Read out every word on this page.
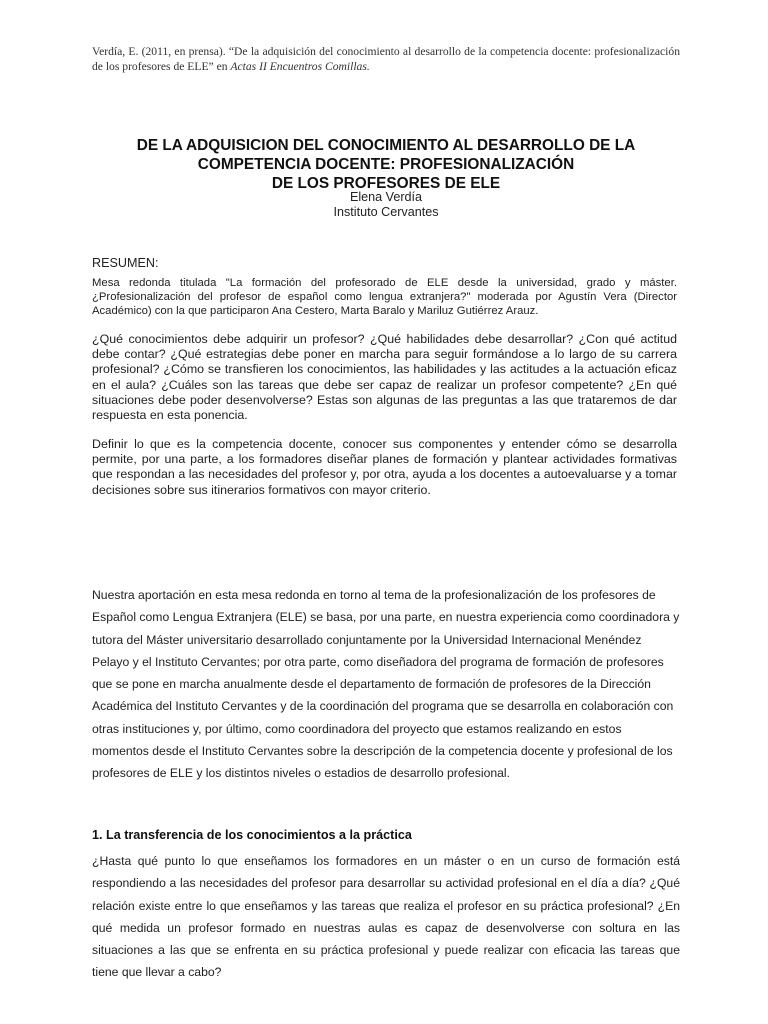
Verdía, E. (2011, en prensa). “De la adquisición del conocimiento al desarrollo de la competencia docente: profesionalización de los profesores de ELE” en Actas II Encuentros Comillas.
DE LA ADQUISICION DEL CONOCIMIENTO AL DESARROLLO DE LA
COMPETENCIA DOCENTE: PROFESIONALIZACIÓN
DE LOS PROFESORES DE ELE
Elena Verdía
Instituto Cervantes
RESUMEN:
Mesa redonda titulada "La formación del profesorado de ELE desde la universidad, grado y máster. ¿Profesionalización del profesor de español como lengua extranjera?" moderada por Agustín Vera (Director Académico) con la que participaron Ana Cestero, Marta Baralo y Mariluz Gutiérrez Arauz.
¿Qué conocimientos debe adquirir un profesor? ¿Qué habilidades debe desarrollar? ¿Con qué actitud debe contar? ¿Qué estrategias debe poner en marcha para seguir formándose a lo largo de su carrera profesional? ¿Cómo se transfieren los conocimientos, las habilidades y las actitudes a la actuación eficaz en el aula? ¿Cuáles son las tareas que debe ser capaz de realizar un profesor competente? ¿En qué situaciones debe poder desenvolverse? Estas son algunas de las preguntas a las que trataremos de dar respuesta en esta ponencia.
Definir lo que es la competencia docente, conocer sus componentes y entender cómo se desarrolla permite, por una parte, a los formadores diseñar planes de formación y plantear actividades formativas que respondan a las necesidades del profesor y, por otra, ayuda a los docentes a autoevaluarse y a tomar decisiones sobre sus itinerarios formativos con mayor criterio.
Nuestra aportación en esta mesa redonda en torno al tema de la profesionalización de los profesores de Español como Lengua Extranjera (ELE) se basa, por una parte, en nuestra experiencia como coordinadora y tutora del Máster universitario desarrollado conjuntamente por la Universidad Internacional Menéndez Pelayo y el Instituto Cervantes; por otra parte, como diseñadora del programa de formación de profesores que se pone en marcha anualmente desde el departamento de formación de profesores de la Dirección Académica del Instituto Cervantes y de la coordinación del programa que se desarrolla en colaboración con otras instituciones y, por último, como coordinadora del proyecto que estamos realizando en estos momentos desde el Instituto Cervantes sobre la descripción de la competencia docente y profesional de los profesores de ELE y los distintos niveles o estadios de desarrollo profesional.
1. La transferencia de los conocimientos a la práctica
¿Hasta qué punto lo que enseñamos los formadores en un máster o en un curso de formación está respondiendo a las necesidades del profesor para desarrollar su actividad profesional en el día a día? ¿Qué relación existe entre lo que enseñamos y las tareas que realiza el profesor en su práctica profesional? ¿En qué medida un profesor formado en nuestras aulas es capaz de desenvolverse con soltura en las situaciones a las que se enfrenta en su práctica profesional y puede realizar con eficacia las tareas que tiene que llevar a cabo?
